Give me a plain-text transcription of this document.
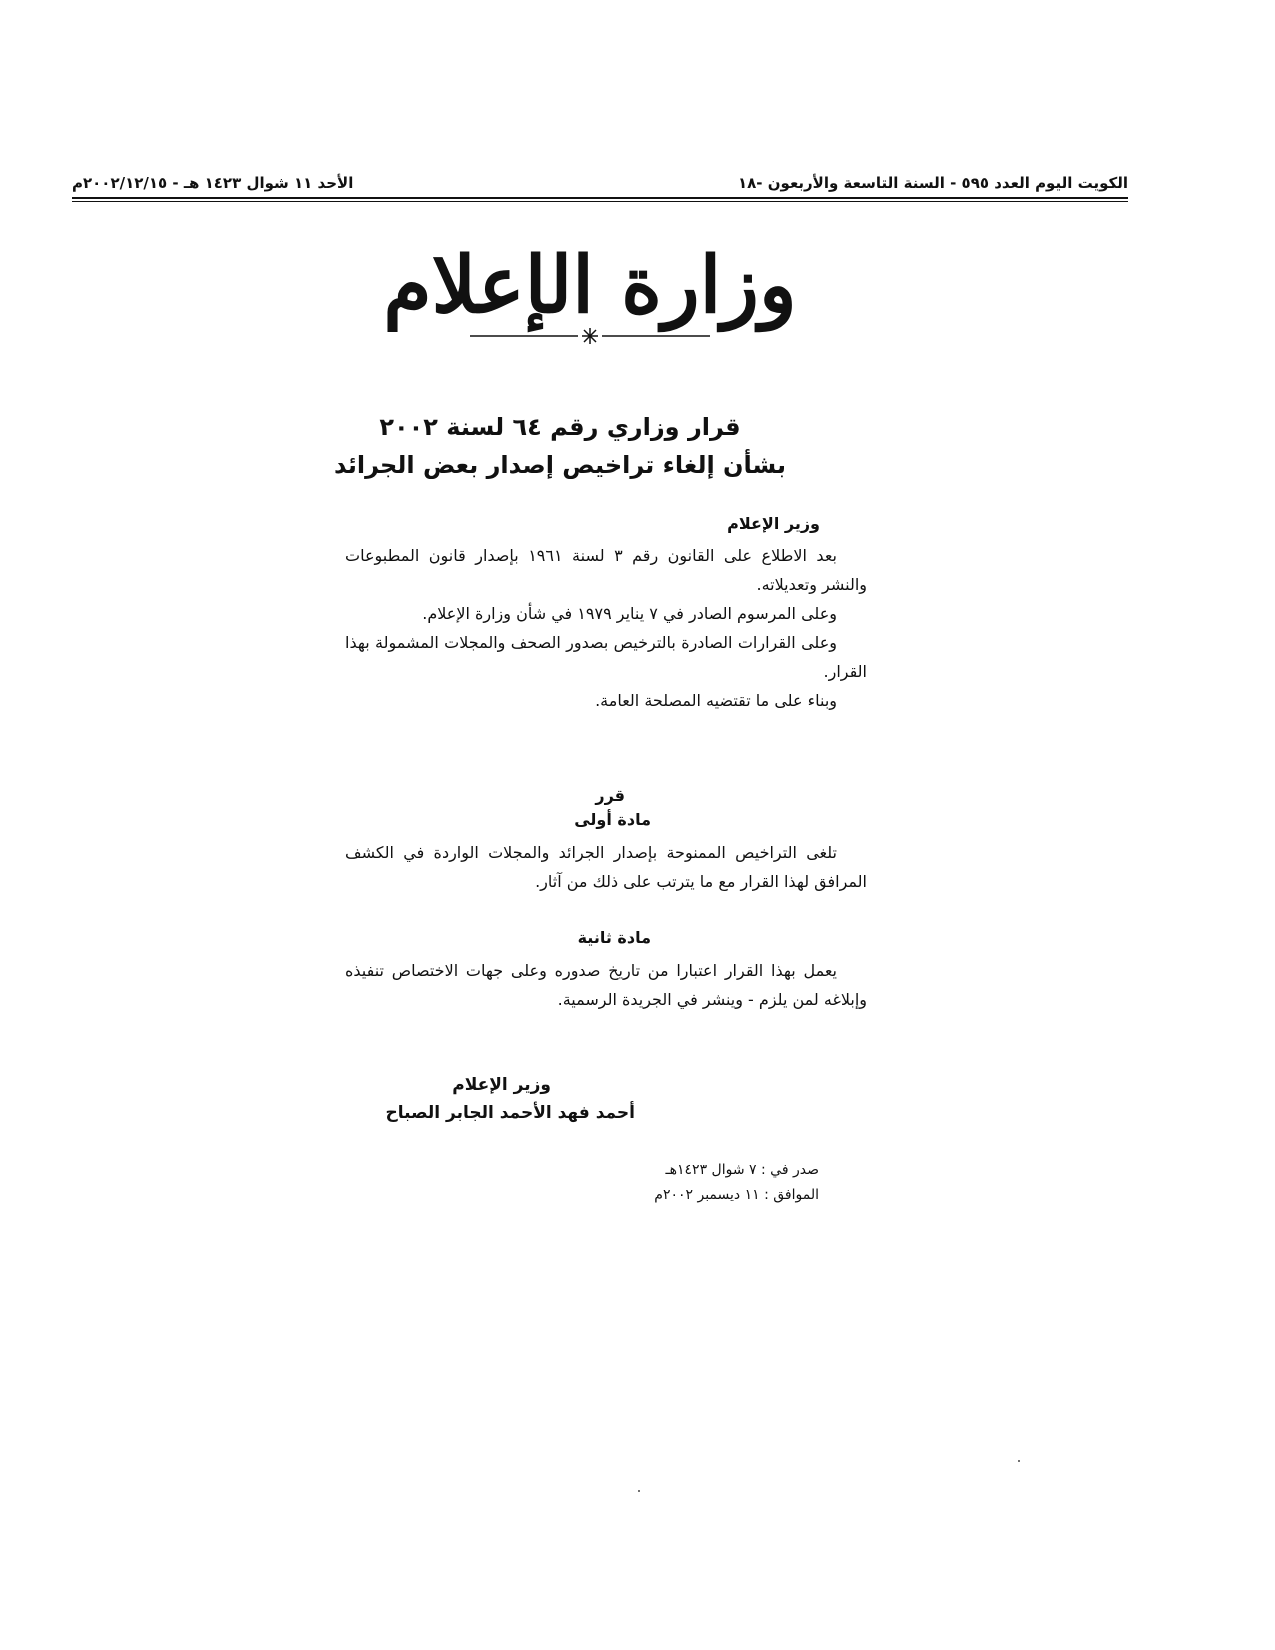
الكويت اليوم العدد ٥٩٥ - السنة التاسعة والأربعون -١٨
الأحد ١١ شوال ١٤٢٣ هـ - ٢٠٠٢/١٢/١٥م
وزارة الإعلام
قرار وزاري رقم ٦٤ لسنة ٢٠٠٢
بشأن إلغاء تراخيص إصدار بعض الجرائد
وزير الإعلام
بعد الاطلاع على القانون رقم ٣ لسنة ١٩٦١ بإصدار قانون المطبوعات والنشر وتعديلاته.
وعلى المرسوم الصادر في ٧ يناير ١٩٧٩ في شأن وزارة الإعلام.
وعلى القرارات الصادرة بالترخيص بصدور الصحف والمجلات المشمولة بهذا القرار.
وبناء على ما تقتضيه المصلحة العامة.
قرر
مادة أولى
تلغى التراخيص الممنوحة بإصدار الجرائد والمجلات الواردة في الكشف المرافق لهذا القرار مع ما يترتب على ذلك من آثار.
مادة ثانية
يعمل بهذا القرار اعتبارا من تاريخ صدوره وعلى جهات الاختصاص تنفيذه وإبلاغه لمن يلزم - وينشر في الجريدة الرسمية.
وزير الإعلام
أحمد فهد الأحمد الجابر الصباح
صدر في : ٧ شوال ١٤٢٣هـ
الموافق : ١١ ديسمبر ٢٠٠٢م
